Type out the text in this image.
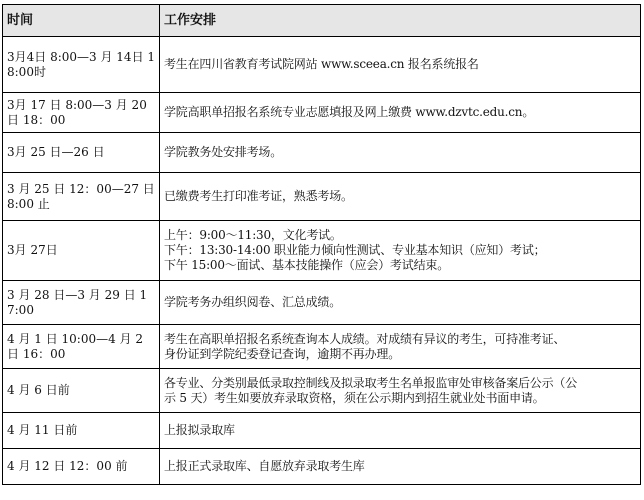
时间	工作安排
3月4日 8:00—3 月 14日 18:00时	考生在四川省教育考试院网站 www.sceea.cn 报名系统报名

3月 17 日 8:00—3 月 20日 18：00	学院高职单招报名系统专业志愿填报及网上缴费 www.dzvtc.edu.cn。

3月 25 日—26 日	学院教务处安排考场。

3 月 25 日 12：00—27 日 8:00 止	已缴费考生打印准考证，熟悉考场。

3月 27日	上午：9:00～11:30，文化考试。
下午：13:30-14:00 职业能力倾向性测试、专业基本知识（应知）考试；
下午 15:00～面试、基本技能操作（应会）考试结束。

3 月 28 日—3 月 29 日 17:00	学院考务办组织阅卷、汇总成绩。

4 月 1 日 10:00—4 月 2 日 16：00	考生在高职单招报名系统查询本人成绩。对成绩有异议的考生，可持准考证、
身份证到学院纪委登记查询，逾期不再办理。

4 月 6 日前	各专业、分类别最低录取控制线及拟录取考生名单报监审处审核备案后公示（公
示 5 天）考生如要放弃录取资格，须在公示期内到招生就业处书面申请。

4 月 11 日前	上报拟录取库

4 月 12 日 12：00 前	上报正式录取库、自愿放弃录取考生库
